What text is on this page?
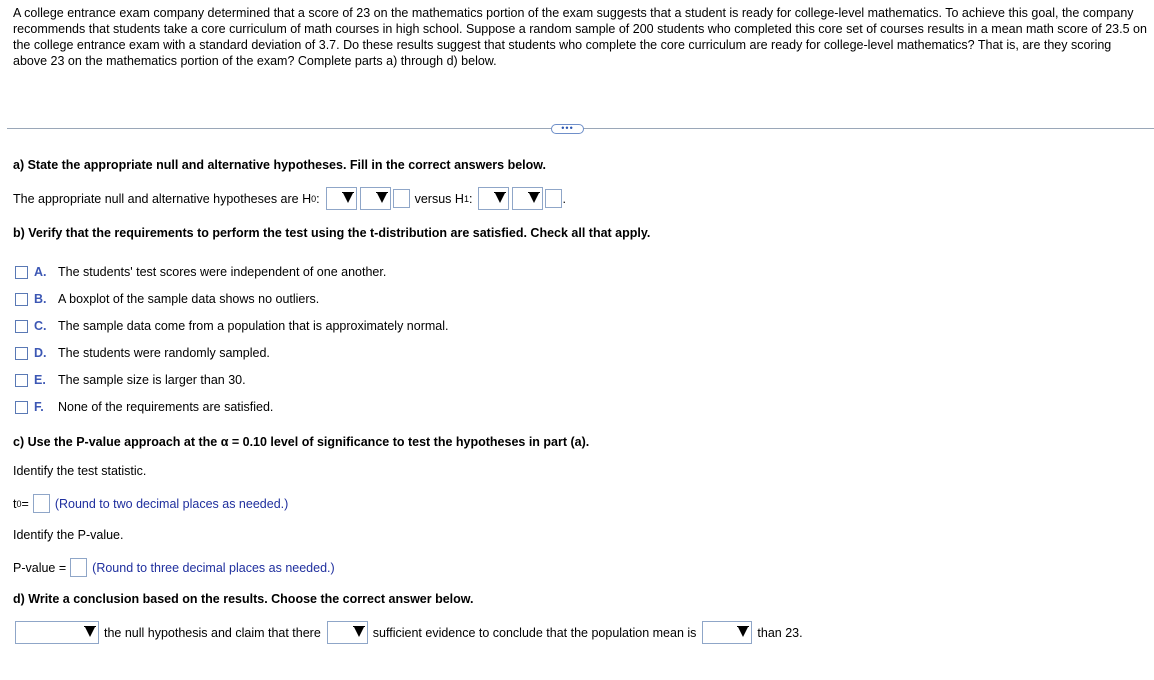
A college entrance exam company determined that a score of 23 on the mathematics portion of the exam suggests that a student is ready for college-level mathematics. To achieve this goal, the company recommends that students take a core curriculum of math courses in high school. Suppose a random sample of 200 students who completed this core set of courses results in a mean math score of 23.5 on the college entrance exam with a standard deviation of 3.7. Do these results suggest that students who complete the core curriculum are ready for college-level mathematics? That is, are they scoring above 23 on the mathematics portion of the exam? Complete parts a) through d) below.
•••
a) State the appropriate null and alternative hypotheses. Fill in the correct answers below.
The appropriate null and alternative hypotheses are H 0 :	versus H 1 :	.
b) Verify that the requirements to perform the test using the t-distribution are satisfied. Check all that apply.
A. The students' test scores were independent of one another.
B. A boxplot of the sample data shows no outliers.
C. The sample data come from a population that is approximately normal.
D. The students were randomly sampled.
E. The sample size is larger than 30.
F.	None of the requirements are satisfied.
c) Use the P-value approach at the α = 0.10 level of significance to test the hypotheses in part (a).
Identify the test statistic.
t 0 = (Round to two decimal places as needed.)
Identify the P-value.
P-value = (Round to three decimal places as needed.)
d) Write a conclusion based on the results. Choose the correct answer below.
the null hypothesis and claim that there	sufficient evidence to conclude that the population mean is	than 23.
